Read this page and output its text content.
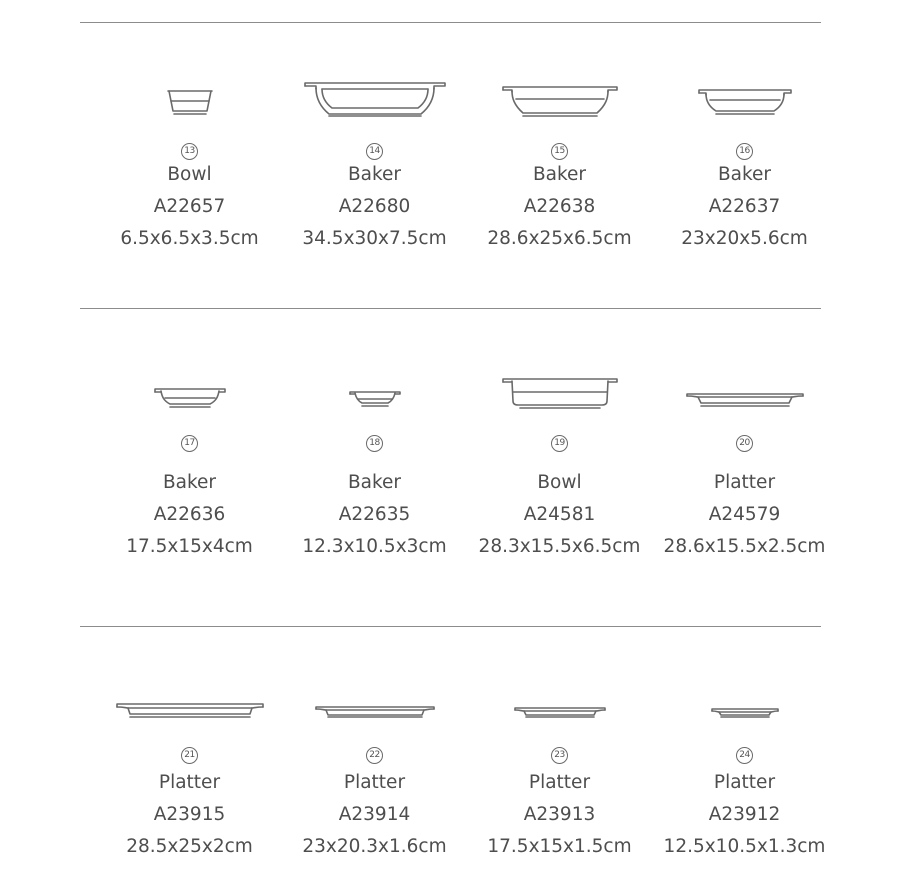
13
Bowl
A22657
6.5x6.5x3.5cm
14
Baker
A22680
34.5x30x7.5cm
15
Baker
A22638
28.6x25x6.5cm
16
Baker
A22637
23x20x5.6cm
17
Baker
A22636
17.5x15x4cm
18
Baker
A22635
12.3x10.5x3cm
19
Bowl
A24581
28.3x15.5x6.5cm
20
Platter
A24579
28.6x15.5x2.5cm
21
Platter
A23915
28.5x25x2cm
22
Platter
A23914
23x20.3x1.6cm
23
Platter
A23913
17.5x15x1.5cm
24
Platter
A23912
12.5x10.5x1.3cm
